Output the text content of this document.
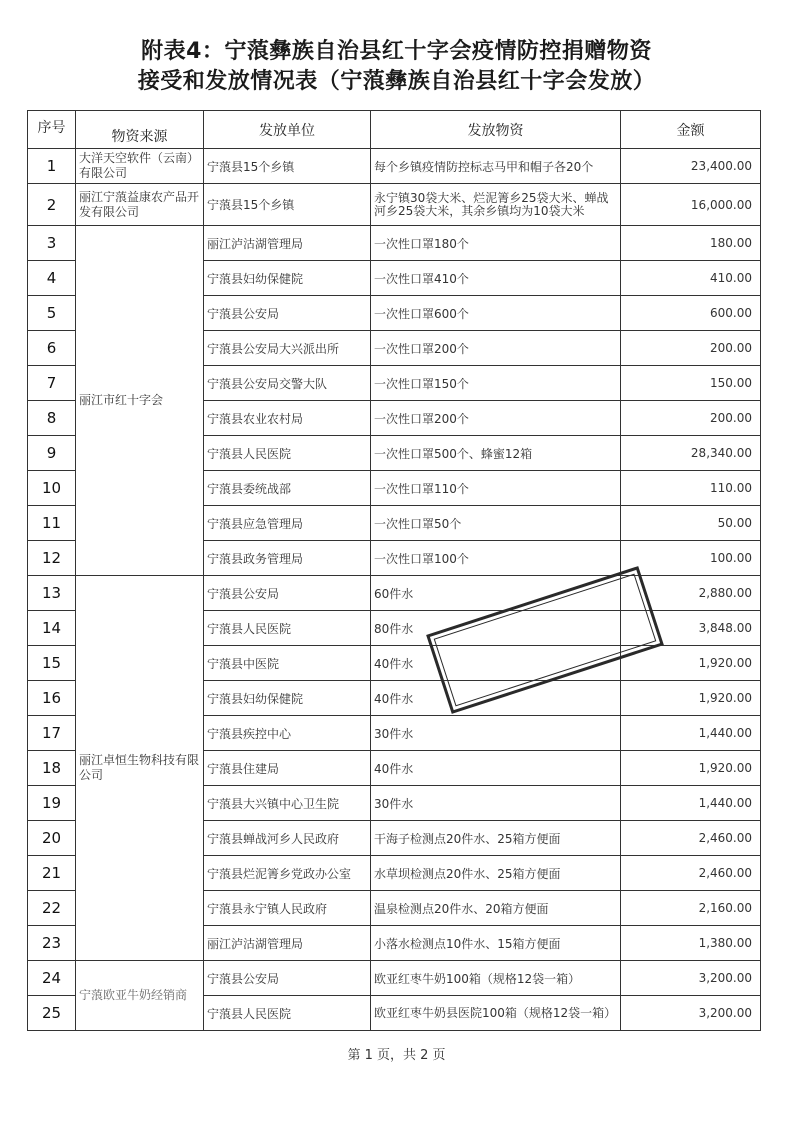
附表4：宁蒗彝族自治县红十字会疫情防控捐赠物资
接受和发放情况表（宁蒗彝族自治县红十字会发放）
序号	物资来源	发放单位	发放物资	金额
1	大洋天空软件（云南）有限公司	宁蒗县15个乡镇	每个乡镇疫情防控标志马甲和帽子各20个	23,400.00
2	丽江宁蒗益康农产品开发有限公司	宁蒗县15个乡镇	永宁镇30袋大米、烂泥箐乡25袋大米、蝉战河乡25袋大米，其余乡镇均为10袋大米	16,000.00
3	丽江市红十字会	丽江泸沽湖管理局	一次性口罩180个	180.00
4		宁蒗县妇幼保健院	一次性口罩410个	410.00
5		宁蒗县公安局	一次性口罩600个	600.00
6		宁蒗县公安局大兴派出所	一次性口罩200个	200.00
7		宁蒗县公安局交警大队	一次性口罩150个	150.00
8		宁蒗县农业农村局	一次性口罩200个	200.00
9		宁蒗县人民医院	一次性口罩500个、蜂蜜12箱	28,340.00
10		宁蒗县委统战部	一次性口罩110个	110.00
11		宁蒗县应急管理局	一次性口罩50个	50.00
12		宁蒗县政务管理局	一次性口罩100个	100.00
13	丽江卓恒生物科技有限公司	宁蒗县公安局	60件水	2,880.00
14		宁蒗县人民医院	80件水	3,848.00
15		宁蒗县中医院	40件水	1,920.00
16		宁蒗县妇幼保健院	40件水	1,920.00
17		宁蒗县疾控中心	30件水	1,440.00
18		宁蒗县住建局	40件水	1,920.00
19		宁蒗县大兴镇中心卫生院	30件水	1,440.00
20		宁蒗县蝉战河乡人民政府	干海子检测点20件水、25箱方便面	2,460.00
21		宁蒗县烂泥箐乡党政办公室	水草坝检测点20件水、25箱方便面	2,460.00
22		宁蒗县永宁镇人民政府	温泉检测点20件水、20箱方便面	2,160.00
23		丽江泸沽湖管理局	小落水检测点10件水、15箱方便面	1,380.00
24	宁蒗欧亚牛奶经销商	宁蒗县公安局	欧亚红枣牛奶100箱（规格12袋一箱）	3,200.00
25		宁蒗县人民医院	欧亚红枣牛奶县医院100箱（规格12袋一箱）	3,200.00
第 1 页，共 2 页
